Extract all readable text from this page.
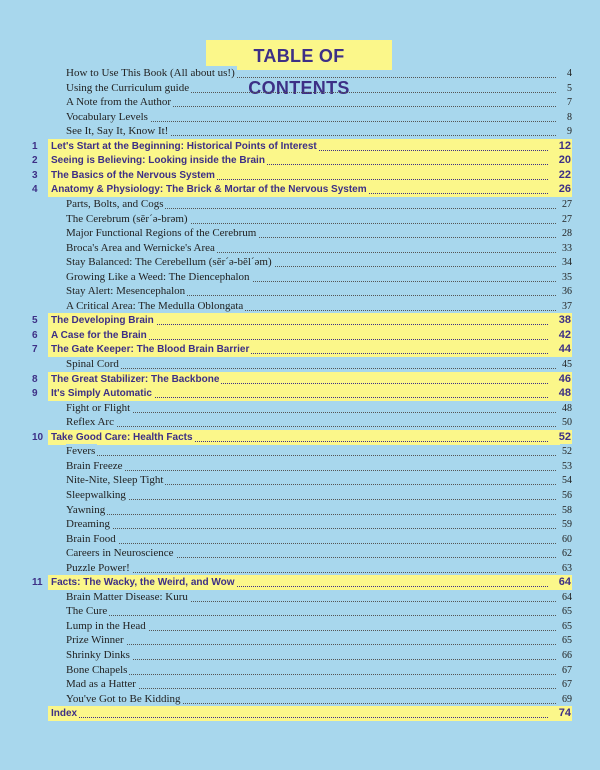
TABLE OF CONTENTS
How to Use This Book (All about us!)	4
Using the Curriculum guide	5
A Note from the Author	7
Vocabulary Levels	8
See It, Say It, Know It!	9
1	Let's Start at the Beginning: Historical Points of Interest	12
2	Seeing is Believing: Looking inside the Brain	20
3	The Basics of the Nervous System	22
4	Anatomy & Physiology: The Brick & Mortar of the Nervous System	26
Parts, Bolts, and Cogs	27
The Cerebrum (sĕr´ə-brəm)	27
Major Functional Regions of the Cerebrum	28
Broca's Area and Wernicke's Area	33
Stay Balanced: The Cerebellum (sĕr´ə-bĕl´əm)	34
Growing Like a Weed: The Diencephalon	35
Stay Alert: Mesencephalon	36
A Critical Area: The Medulla Oblongata	37
5	The Developing Brain	38
6	A Case for the Brain	42
7	The Gate Keeper: The Blood Brain Barrier	44
Spinal Cord	45
8	The Great Stabilizer: The Backbone	46
9	It's Simply Automatic	48
Fight or Flight	48
Reflex Arc	50
10 Take Good Care: Health Facts	52
Fevers	52
Brain Freeze	53
Nite-Nite, Sleep Tight	54
Sleepwalking	56
Yawning	58
Dreaming	59
Brain Food	60
Careers in Neuroscience	62
Puzzle Power!	63
11 Facts: The Wacky, the Weird, and Wow	64
Brain Matter Disease: Kuru	64
The Cure	65
Lump in the Head	65
Prize Winner	65
Shrinky Dinks	66
Bone Chapels	67
Mad as a Hatter	67
You've Got to Be Kidding	69
Index	74
